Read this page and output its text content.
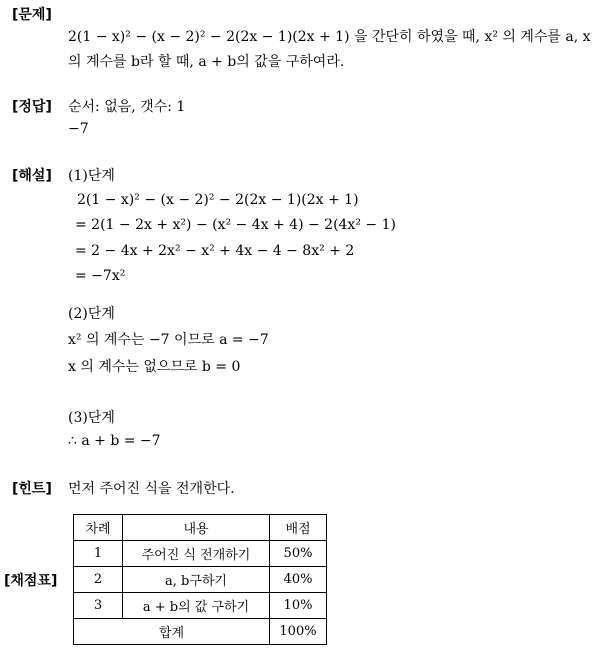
[문제]
2(1 − x)² − (x − 2)² − 2(2x − 1)(2x + 1) 을 간단히 하였을 때, x² 의 계수를 a, x
의 계수를 b라 할 때, a + b의 값을 구하여라.
[정답] 순서: 없음, 갯수: 1
−7
[해설] (1)단계
2(1 − x)² − (x − 2)² − 2(2x − 1)(2x + 1)
= 2(1 − 2x + x²) − (x² − 4x + 4) − 2(4x² − 1)
= 2 − 4x + 2x² − x² + 4x − 4 − 8x² + 2
= −7x²
(2)단계
x² 의 계수는 −7 이므로 a = −7
x 의 계수는 없으므로 b = 0
(3)단계
∴ a + b = −7
[힌트] 먼저 주어진 식을 전개한다.
[채점표]
차례	내용	배점
1	주어진 식 전개하기	50%
2	a, b구하기	40%
3	a + b의 값 구하기	10%
합계		100%
